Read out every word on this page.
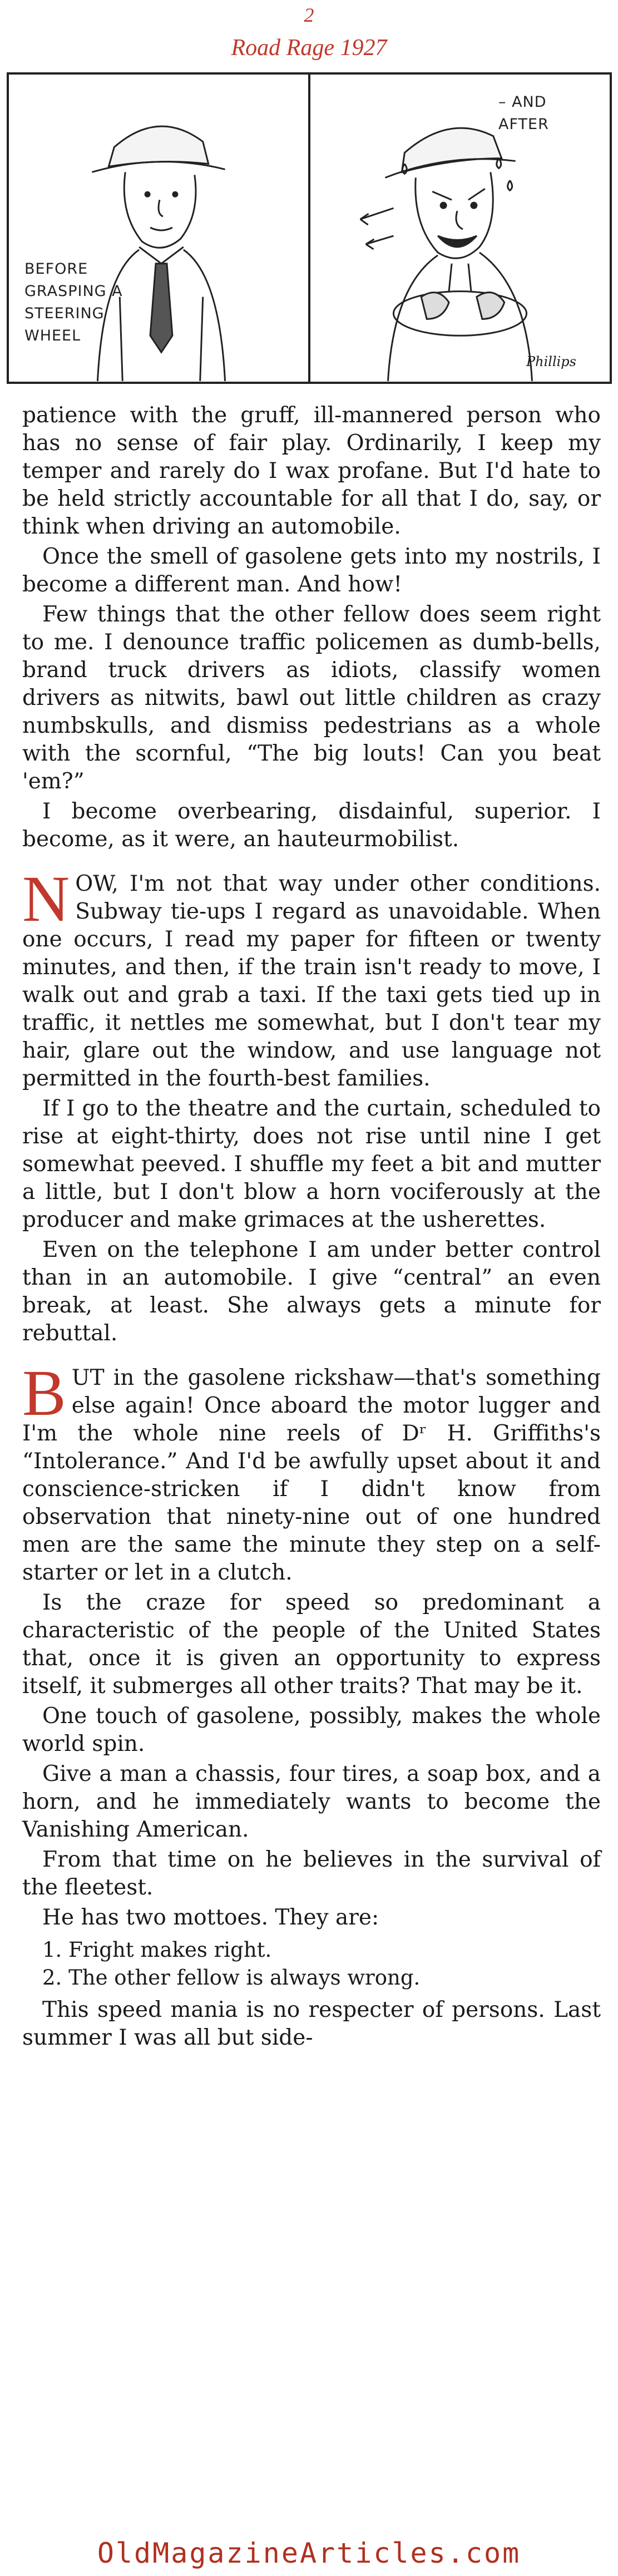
2
Road Rage 1927
BEFORE GRASPING A STEERING WHEEL
– AND AFTER
Phillips

patience with the gruff, ill-mannered person who has no sense of fair play. Ordinarily, I keep my temper and rarely do I wax profane. But I'd hate to be held strictly accountable for all that I do, say, or think when driving an automobile.

Once the smell of gasolene gets into my nostrils, I become a different man. And how!

Few things that the other fellow does seem right to me. I denounce traffic policemen as dumb-bells, brand truck drivers as idiots, classify women drivers as nitwits, bawl out little children as crazy numbskulls, and dismiss pedestrians as a whole with the scornful, “The big louts! Can you beat 'em?”

I become overbearing, disdainful, superior. I become, as it were, an hauteurmobilist.

NOW, I'm not that way under other conditions. Subway tie-ups I regard as unavoidable. When one occurs, I read my paper for fifteen or twenty minutes, and then, if the train isn't ready to move, I walk out and grab a taxi. If the taxi gets tied up in traffic, it nettles me somewhat, but I don't tear my hair, glare out the window, and use language not permitted in the fourth-best families.

If I go to the theatre and the curtain, scheduled to rise at eight-thirty, does not rise until nine I get somewhat peeved. I shuffle my feet a bit and mutter a little, but I don't blow a horn vociferously at the producer and make grimaces at the usherettes.

Even on the telephone I am under better control than in an automobile. I give “central” an even break, at least. She always gets a minute for rebuttal.

BUT in the gasolene rickshaw—that's something else again! Once aboard the motor lugger and I'm the whole nine reels of Dʳ H. Griffiths's “Intolerance.” And I'd be awfully upset about it and conscience-stricken if I didn't know from observation that ninety-nine out of one hundred men are the same the minute they step on a self-starter or let in a clutch.

Is the craze for speed so predominant a characteristic of the people of the United States that, once it is given an opportunity to express itself, it submerges all other traits? That may be it.

One touch of gasolene, possibly, makes the whole world spin.

Give a man a chassis, four tires, a soap box, and a horn, and he immediately wants to become the Vanishing American.

From that time on he believes in the survival of the fleetest.

He has two mottoes. They are:

1. Fright makes right.
2. The other fellow is always wrong.

This speed mania is no respecter of persons. Last summer I was all but side-

OldMagazineArticles.com
